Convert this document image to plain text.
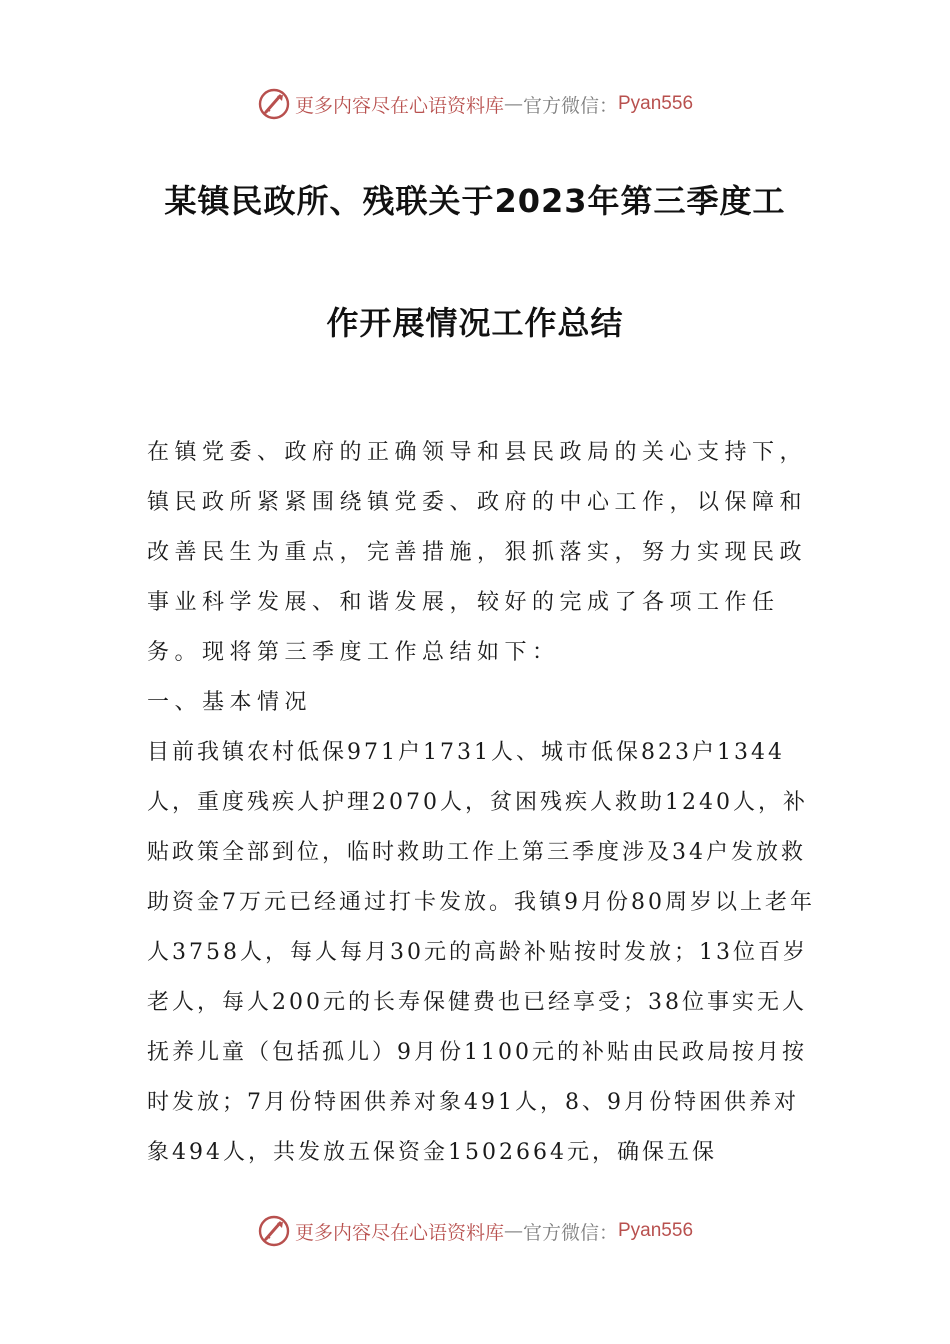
更多内容尽在心语资料库 — 官方微信： Pyan556
某镇民政所、残联关于2023年第三季度工
作开展情况工作总结

在镇党委、政府的正确领导和县民政局的关心支持下，镇民政所紧紧围绕镇党委、政府的中心工作，以保障和改善民生为重点，完善措施，狠抓落实，努力实现民政事业科学发展、和谐发展，较好的完成了各项工作任务。现将第三季度工作总结如下：

一、基本情况

目前我镇农村低保971户1731人、城市低保823户1344人，重度残疾人护理2070人，贫困残疾人救助1240人，补贴政策全部到位，临时救助工作上第三季度涉及34户发放救助资金7万元已经通过打卡发放。我镇9月份80周岁以上老年人3758人，每人每月30元的高龄补贴按时发放；13位百岁老人，每人200元的长寿保健费也已经享受；38位事实无人抚养儿童（包括孤儿）9月份1100元的补贴由民政局按月按时发放；7月份特困供养对象491人，8、9月份特困供养对象494人，共发放五保资金1502664元，确保五保

更多内容尽在心语资料库 — 官方微信： Pyan556
